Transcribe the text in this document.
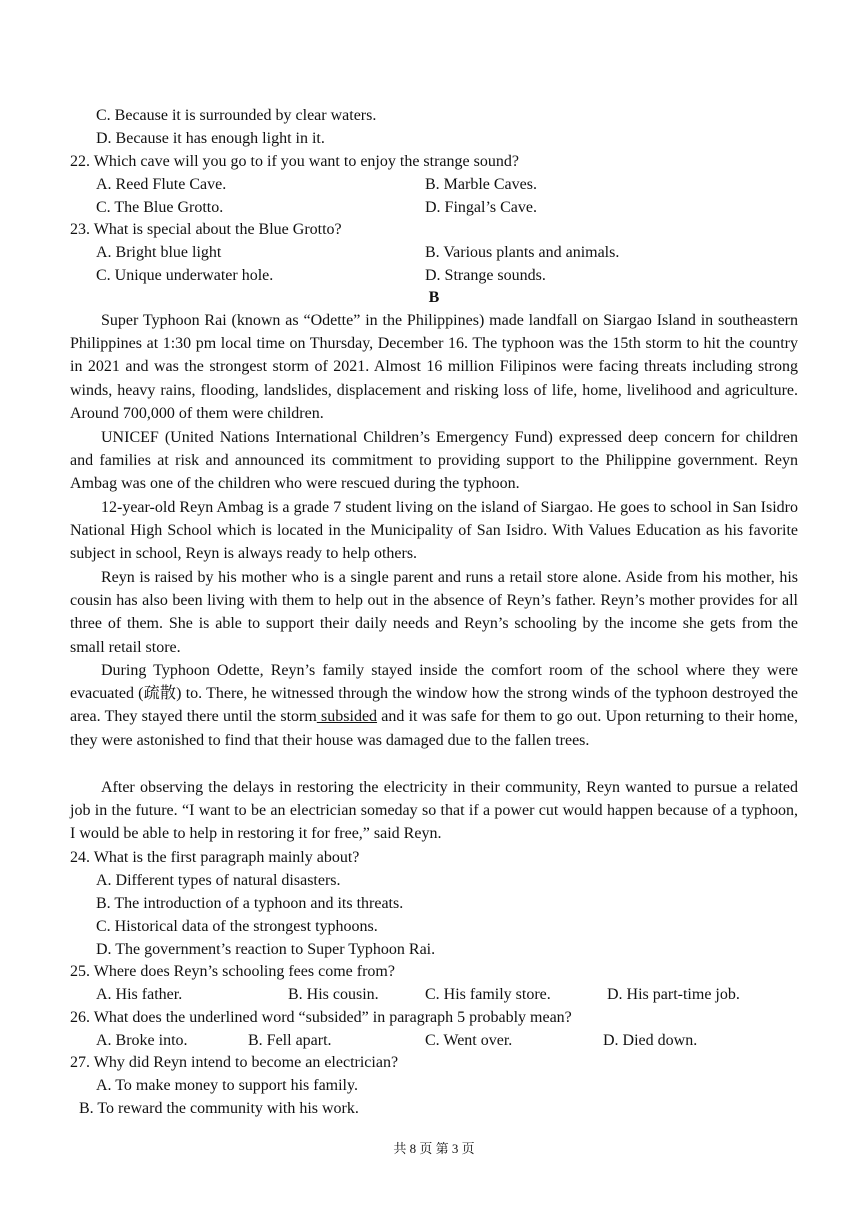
C. Because it is surrounded by clear waters.
D. Because it has enough light in it.
22. Which cave will you go to if you want to enjoy the strange sound?
A. Reed Flute Cave.	B. Marble Caves.
C. The Blue Grotto.	D. Fingal’s Cave.
23. What is special about the Blue Grotto?
A. Bright blue light	B. Various plants and animals.
C. Unique underwater hole.	D. Strange sounds.
B

Super Typhoon Rai (known as “Odette” in the Philippines) made landfall on Siargao Island in southeastern Philippines at 1:30 pm local time on Thursday, December 16. The typhoon was the 15th storm to hit the country in 2021 and was the strongest storm of 2021. Almost 16 million Filipinos were facing threats including strong winds, heavy rains, flooding, landslides, displacement and risking loss of life, home, livelihood and agriculture. Around 700,000 of them were children.

UNICEF (United Nations International Children’s Emergency Fund) expressed deep concern for children and families at risk and announced its commitment to providing support to the Philippine government. Reyn Ambag was one of the children who were rescued during the typhoon.

12-year-old Reyn Ambag is a grade 7 student living on the island of Siargao. He goes to school in San Isidro National High School which is located in the Municipality of San Isidro. With Values Education as his favorite subject in school, Reyn is always ready to help others.

Reyn is raised by his mother who is a single parent and runs a retail store alone. Aside from his mother, his cousin has also been living with them to help out in the absence of Reyn’s father. Reyn’s mother provides for all three of them. She is able to support their daily needs and Reyn’s schooling by the income she gets from the small retail store.

During Typhoon Odette, Reyn’s family stayed inside the comfort room of the school where they were evacuated (疏散) to. There, he witnessed through the window how the strong winds of the typhoon destroyed the area. They stayed there until the storm subsided and it was safe for them to go out. Upon returning to their home, they were astonished to find that their house was damaged due to the fallen trees.

After observing the delays in restoring the electricity in their community, Reyn wanted to pursue a related job in the future. “I want to be an electrician someday so that if a power cut would happen because of a typhoon, I would be able to help in restoring it for free,” said Reyn.

24. What is the first paragraph mainly about?
A. Different types of natural disasters.
B. The introduction of a typhoon and its threats.
C. Historical data of the strongest typhoons.
D. The government’s reaction to Super Typhoon Rai.
25. Where does Reyn’s schooling fees come from?
A. His father.	B. His cousin.	C. His family store.	D. His part-time job.
26. What does the underlined word “subsided” in paragraph 5 probably mean?
A. Broke into.	B. Fell apart.	C. Went over.	D. Died down.
27. Why did Reyn intend to become an electrician?
A. To make money to support his family.
B. To reward the community with his work.
共 8 页 第 3 页
